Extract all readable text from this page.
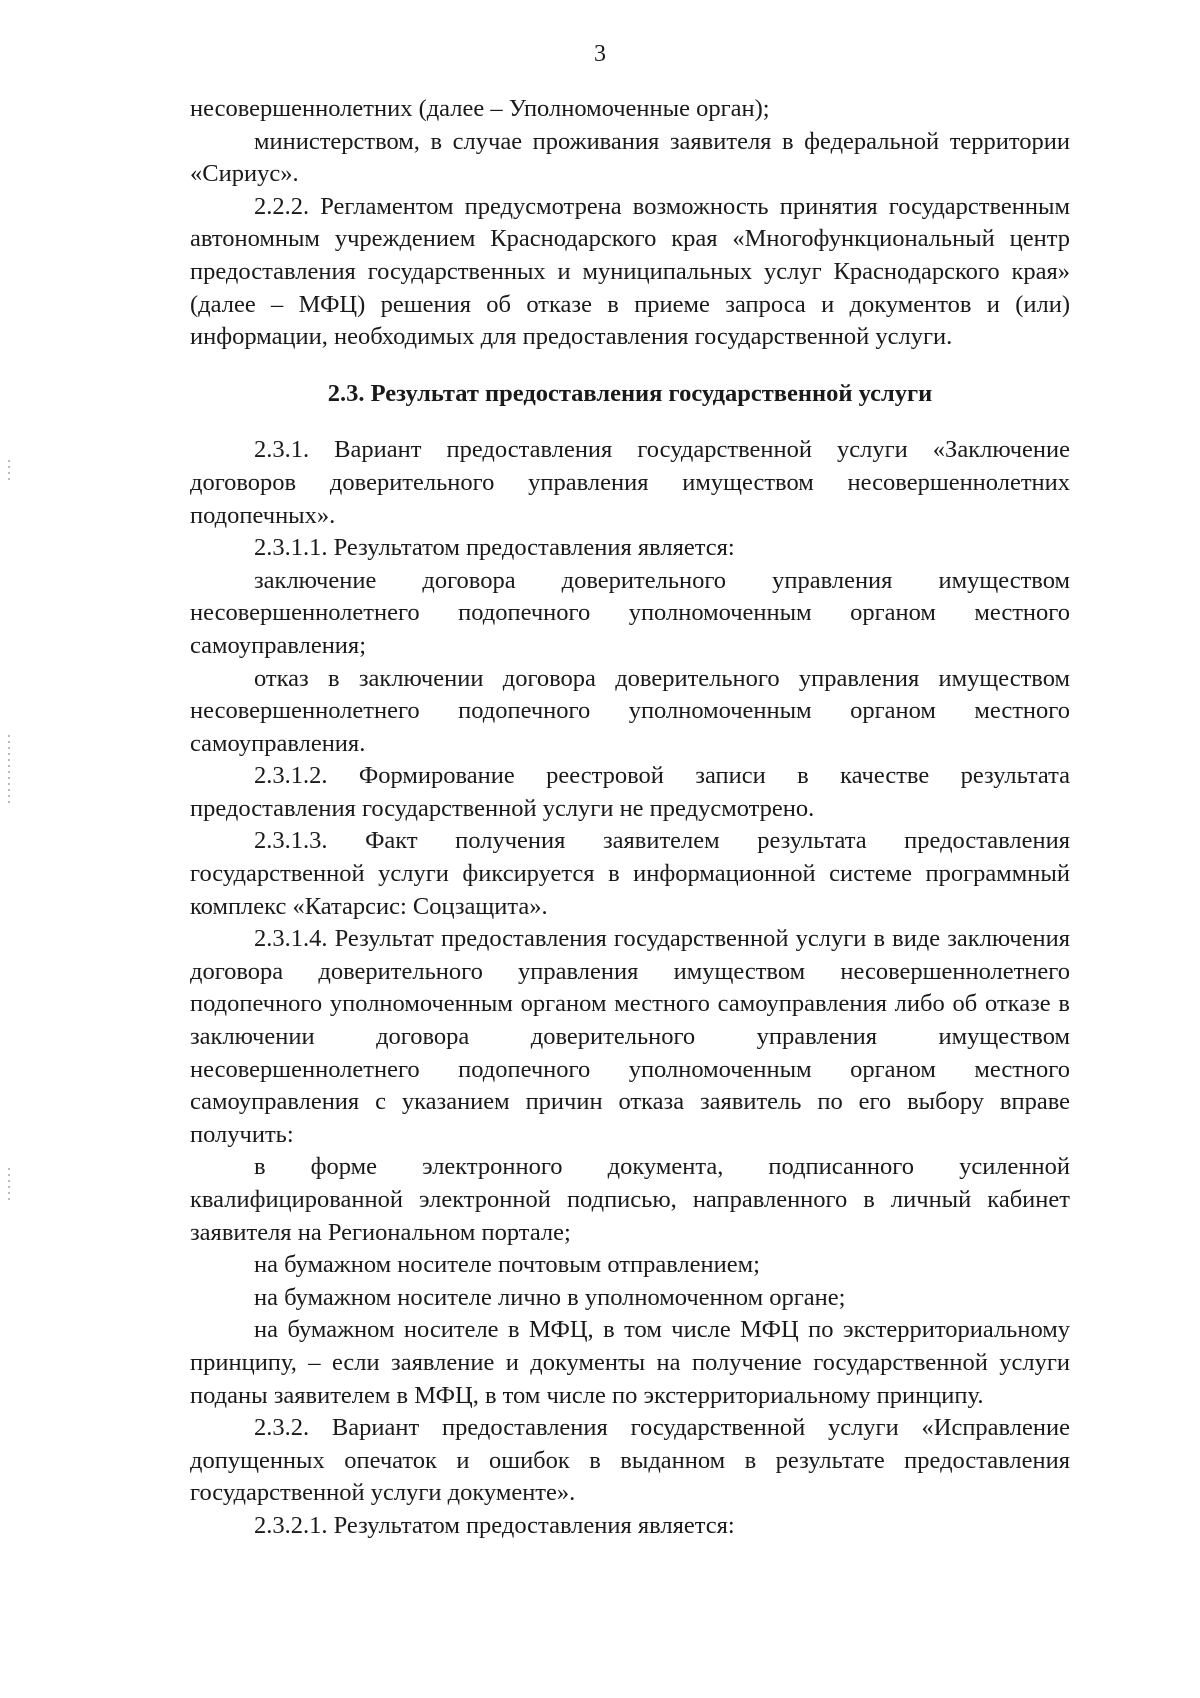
3

несовершеннолетних (далее – Уполномоченные орган);

министерством, в случае проживания заявителя в федеральной территории «Сириус».

2.2.2. Регламентом предусмотрена возможность принятия государственным автономным учреждением Краснодарского края «Многофункциональный центр предоставления государственных и муниципальных услуг Краснодарского края» (далее – МФЦ) решения об отказе в приеме запроса и документов и (или) информации, необходимых для предоставления государственной услуги.

2.3. Результат предоставления государственной услуги

2.3.1. Вариант предоставления государственной услуги «Заключение договоров доверительного управления имуществом несовершеннолетних подопечных».

2.3.1.1. Результатом предоставления является:

заключение договора доверительного управления имуществом несовершеннолетнего подопечного уполномоченным органом местного самоуправления;

отказ в заключении договора доверительного управления имуществом несовершеннолетнего подопечного уполномоченным органом местного самоуправления.

2.3.1.2. Формирование реестровой записи в качестве результата предоставления государственной услуги не предусмотрено.

2.3.1.3. Факт получения заявителем результата предоставления государственной услуги фиксируется в информационной системе программный комплекс «Катарсис: Соцзащита».

2.3.1.4. Результат предоставления государственной услуги в виде заключения договора доверительного управления имуществом несовершеннолетнего подопечного уполномоченным органом местного самоуправления либо об отказе в заключении договора доверительного управления имуществом несовершеннолетнего подопечного уполномоченным органом местного самоуправления с указанием причин отказа заявитель по его выбору вправе получить:

в форме электронного документа, подписанного усиленной квалифицированной электронной подписью, направленного в личный кабинет заявителя на Региональном портале;

на бумажном носителе почтовым отправлением;

на бумажном носителе лично в уполномоченном органе;

на бумажном носителе в МФЦ, в том числе МФЦ по экстерриториальному принципу, – если заявление и документы на получение государственной услуги поданы заявителем в МФЦ, в том числе по экстерриториальному принципу.

2.3.2. Вариант предоставления государственной услуги «Исправление допущенных опечаток и ошибок в выданном в результате предоставления государственной услуги документе».

2.3.2.1. Результатом предоставления является:
